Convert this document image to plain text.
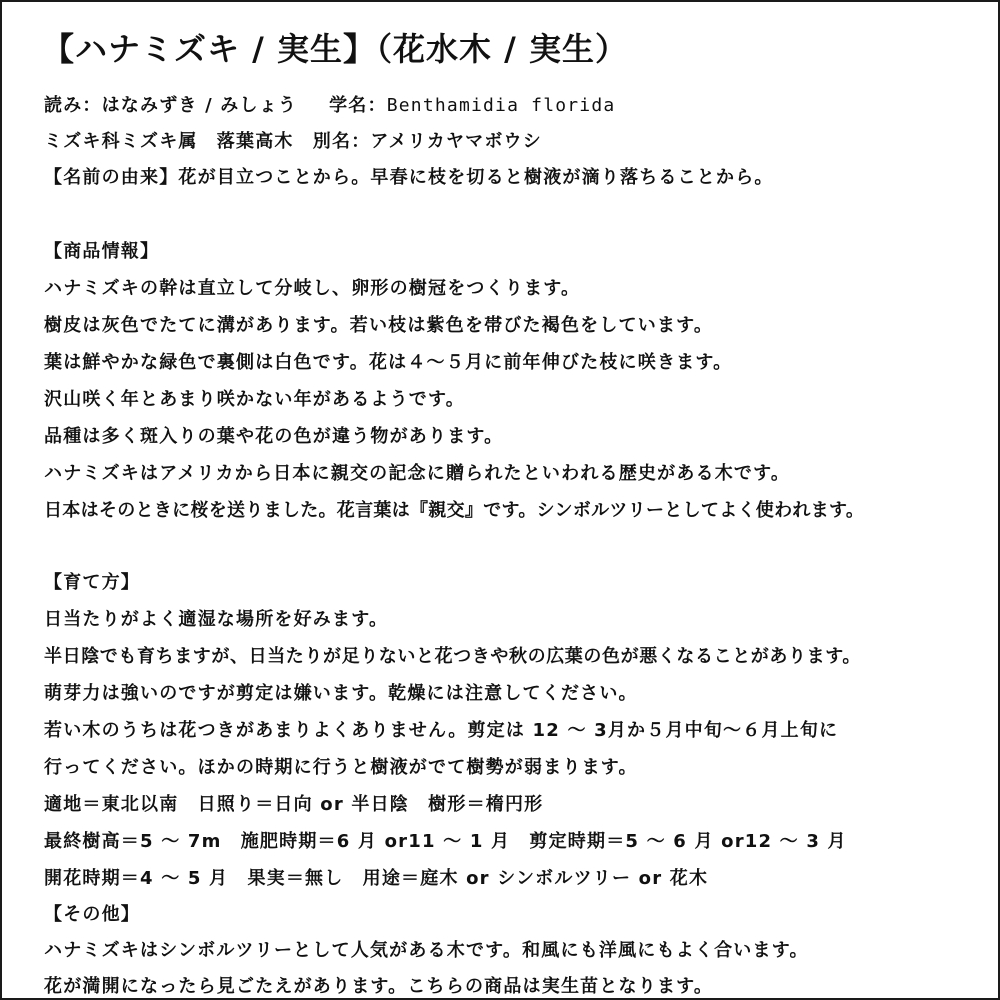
【ハナミズキ / 実生】（花水木 / 実生）
読み：はなみずき / みしょう 学名：Benthamidia florida
ミズキ科ミズキ属　落葉高木　別名：アメリカヤマボウシ
【名前の由来】花が目立つことから。早春に枝を切ると樹液が滴り落ちることから。
【商品情報】
ハナミズキの幹は直立して分岐し、卵形の樹冠をつくります。
樹皮は灰色でたてに溝があります。若い枝は紫色を帯びた褐色をしています。
葉は鮮やかな緑色で裏側は白色です。花は４～５月に前年伸びた枝に咲きます。
沢山咲く年とあまり咲かない年があるようです。
品種は多く斑入りの葉や花の色が違う物があります。
ハナミズキはアメリカから日本に親交の記念に贈られたといわれる歴史がある木です。
日本はそのときに桜を送りました。花言葉は『親交』です。シンボルツリーとしてよく使われます。
【育て方】
日当たりがよく適湿な場所を好みます。
半日陰でも育ちますが、日当たりが足りないと花つきや秋の広葉の色が悪くなることがあります。
萌芽力は強いのですが剪定は嫌います。乾燥には注意してください。
若い木のうちは花つきがあまりよくありません。剪定は 12 ～ 3月か５月中旬～６月上旬に
行ってください。ほかの時期に行うと樹液がでて樹勢が弱まります。
適地＝東北以南　日照り＝日向 or 半日陰　樹形＝楕円形
最終樹高＝5 ～ 7m　施肥時期＝6 月 or11 ～ 1 月　剪定時期＝5 ～ 6 月 or12 ～ 3 月
開花時期＝4 ～ 5 月　果実＝無し　用途＝庭木 or シンボルツリー or 花木
【その他】
ハナミズキはシンボルツリーとして人気がある木です。和風にも洋風にもよく合います。
花が満開になったら見ごたえがあります。こちらの商品は実生苗となります。
